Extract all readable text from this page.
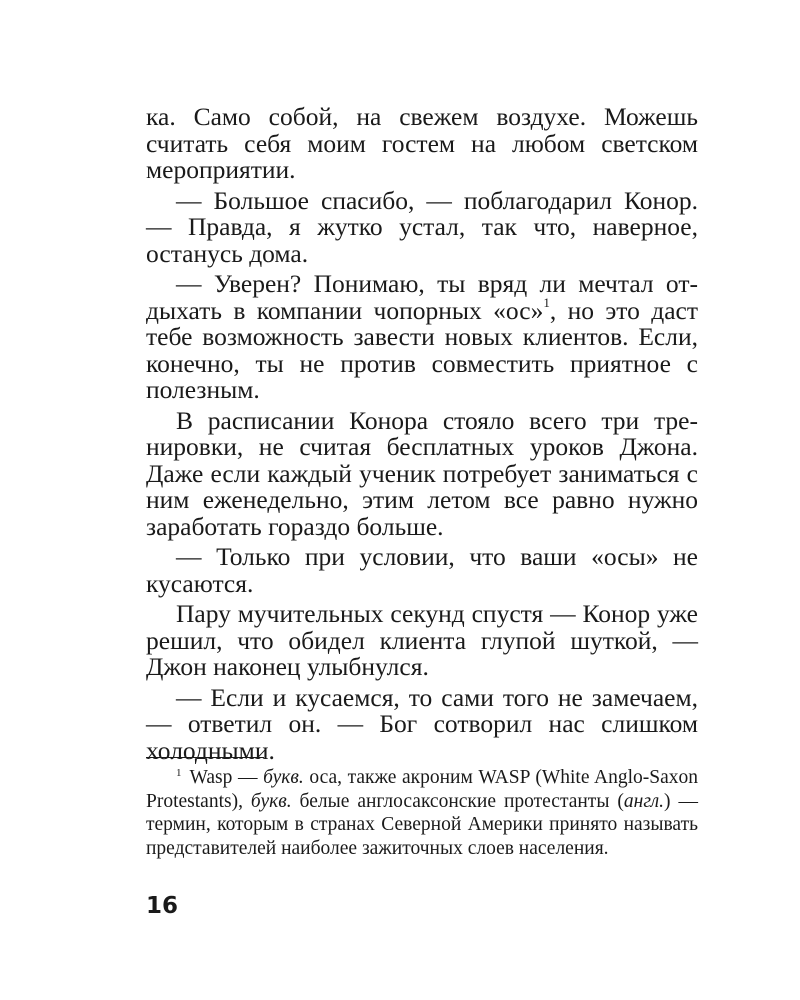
ка. Само собой, на свежем воздухе. Можешь считать себя моим гостем на любом светском мероприятии.

— Большое спасибо, — поблагодарил Конор. — Правда, я жутко устал, так что, наверное, останусь дома.

— Уверен? Понимаю, ты вряд ли мечтал отдыхать в компании чопорных «ос»$^1$, но это даст тебе возможность завести новых клиентов. Если, конечно, ты не против совместить приятное с полезным.

В расписании Конора стояло всего три тренировки, не считая бесплатных уроков Джона. Даже если каждый ученик потребует заниматься с ним еженедельно, этим летом все равно нужно заработать гораздо больше.

— Только при условии, что ваши «осы» не кусаются.

Пару мучительных секунд спустя — Конор уже решил, что обидел клиента глупой шуткой, — Джон наконец улыбнулся.

— Если и кусаемся, то сами того не замечаем, — ответил он. — Бог сотворил нас слишком холодными.

$^1$ Wasp — букв. оса, также акроним WASP (White Anglo-Saxon Protestants), букв. белые англосаксонские протестанты (англ.) — термин, которым в странах Северной Америки принято называть представителей наиболее зажиточных слоев населения.

16
